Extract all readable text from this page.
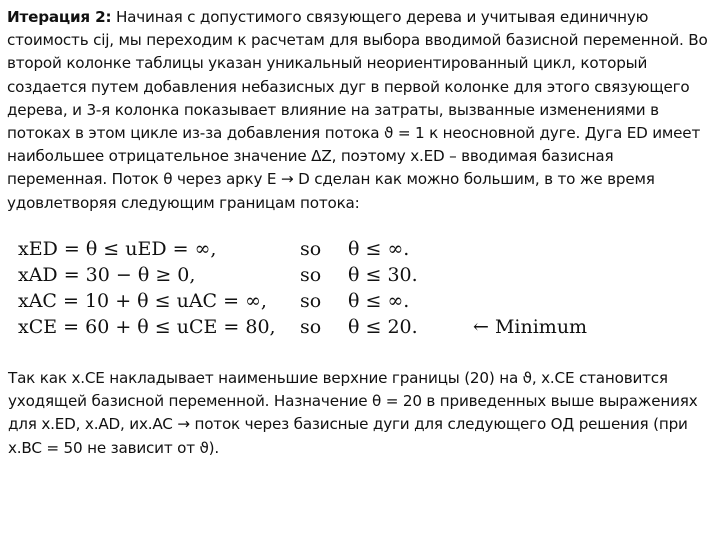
Итерация 2: Начиная с допустимого связующего дерева и учитывая единичную стоимость cij, мы переходим к расчетам для выбора вводимой базисной переменной. Во второй колонке таблицы указан уникальный неориентированный цикл, который создается путем добавления небазисных дуг в первой колонке для этого связующего дерева, и 3-я колонка показывает влияние на затраты, вызванные изменениями в потоках в этом цикле из-за добавления потока ϑ = 1 к неосновной дуге. Дуга ED имеет наибольшее отрицательное значение ΔZ, поэтому x.ED – вводимая базисная переменная. Поток θ через арку E → D сделан как можно большим, в то же время удовлетворяя следующим границам потока:
xED = θ ≤ uED = ∞,	so θ ≤ ∞.
xAD = 30 − θ ≥ 0,	so θ ≤ 30.
xAC = 10 + θ ≤ uAC = ∞, so θ ≤ ∞.
xCE = 60 + θ ≤ uCE = 80, so θ ≤ 20.	← Minimum
Так как x.CE накладывает наименьшие верхние границы (20) на ϑ, x.CE становится уходящей базисной переменной. Назначение θ = 20 в приведенных выше выражениях для x.ED, x.AD, иx.AC → поток через базисные дуги для следующего ОД решения (при x.BC = 50 не зависит от ϑ).
